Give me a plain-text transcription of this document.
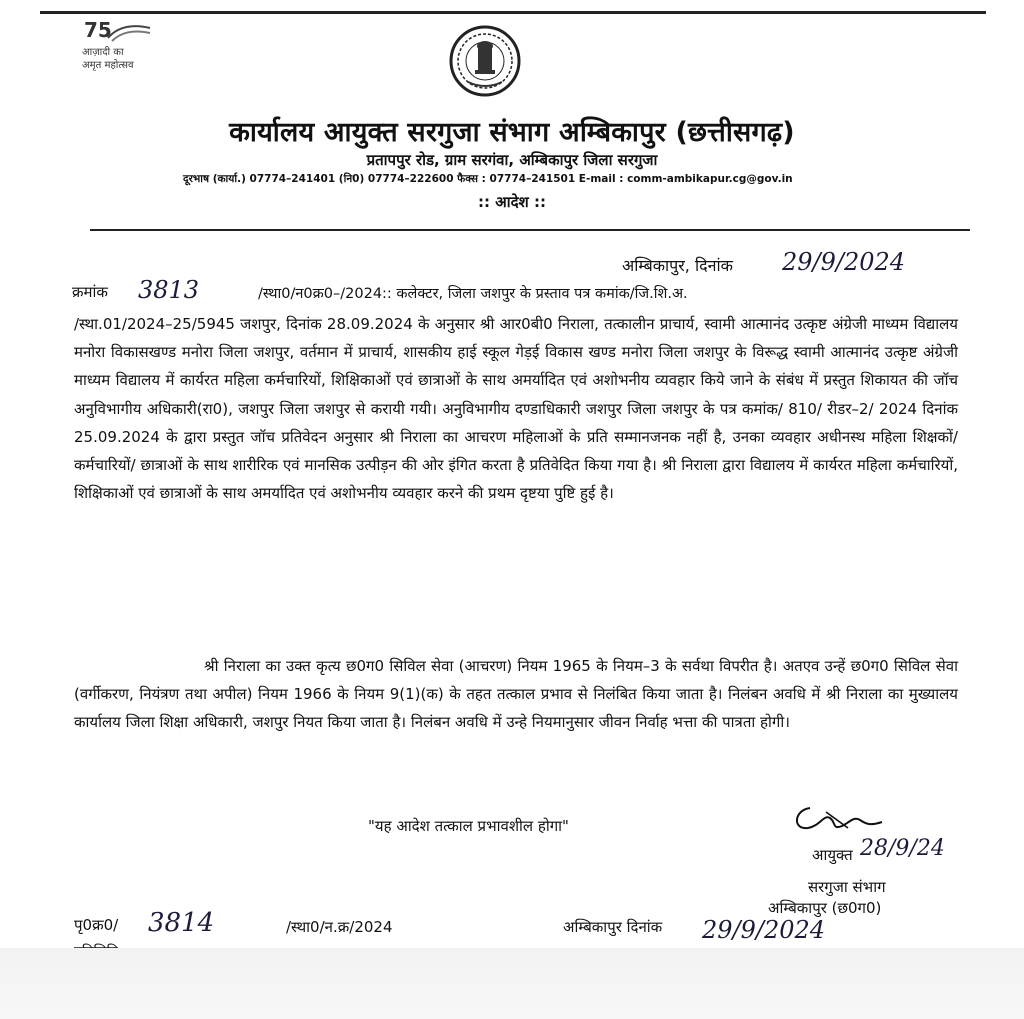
75
आज़ादी का
अमृत महोत्सव
कार्यालय आयुक्त सरगुजा संभाग अम्बिकापुर (छत्तीसगढ़)
प्रतापपुर रोड, ग्राम सरगंवा, अम्बिकापुर जिला सरगुजा
दूरभाष (कार्या.) 07774–241401 (नि0) 07774–222600 फैक्स : 07774–241501 E-mail : comm-ambikapur.cg@gov.in
:: आदेश ::
अम्बिकापुर, दिनांक 29/9/2024
क्रमांक 3813	/स्था0/न0क्र0–/2024:: कलेक्टर, जिला जशपुर के प्रस्ताव पत्र कमांक/जि.शि.अ.
/स्था.01/2024–25/5945 जशपुर, दिनांक 28.09.2024 के अनुसार श्री आर0बी0 निराला, तत्कालीन प्राचार्य, स्वामी आत्मानंद उत्कृष्ट अंग्रेजी माध्यम विद्यालय मनोरा विकासखण्ड मनोरा जिला जशपुर, वर्तमान में प्राचार्य, शासकीय हाई स्कूल गेड़ई विकास खण्ड मनोरा जिला जशपुर के विरूद्ध स्वामी आत्मानंद उत्कृष्ट अंग्रेजी माध्यम विद्यालय में कार्यरत महिला कर्मचारियों, शिक्षिकाओं एवं छात्राओं के साथ अमर्यादित एवं अशोभनीय व्यवहार किये जाने के संबंध में प्रस्तुत शिकायत की जॉच अनुविभागीय अधिकारी(रा0), जशपुर जिला जशपुर से करायी गयी। अनुविभागीय दण्डाधिकारी जशपुर जिला जशपुर के पत्र कमांक/ 810/ रीडर–2/ 2024 दिनांक 25.09.2024 के द्वारा प्रस्तुत जॉच प्रतिवेदन अनुसार श्री निराला का आचरण महिलाओं के प्रति सम्मानजनक नहीं है, उनका व्यवहार अधीनस्थ महिला शिक्षकों/ कर्मचारियों/ छात्राओं के साथ शारीरिक एवं मानसिक उत्पीड़न की ओर इंगित करता है प्रतिवेदित किया गया है। श्री निराला द्वारा विद्यालय में कार्यरत महिला कर्मचारियों, शिक्षिकाओं एवं छात्राओं के साथ अमर्यादित एवं अशोभनीय व्यवहार करने की प्रथम दृष्टया पुष्टि हुई है।
श्री निराला का उक्त कृत्य छ0ग0 सिविल सेवा (आचरण) नियम 1965 के नियम–3 के सर्वथा विपरीत है। अतएव उन्हें छ0ग0 सिविल सेवा (वर्गीकरण, नियंत्रण तथा अपील) नियम 1966 के नियम 9(1)(क) के तहत तत्काल प्रभाव से निलंबित किया जाता है। निलंबन अवधि में श्री निराला का मुख्यालय कार्यालय जिला शिक्षा अधिकारी, जशपुर नियत किया जाता है। निलंबन अवधि में उन्हे नियमानुसार जीवन निर्वाह भत्ता की पात्रता होगी।
"यह आदेश तत्काल प्रभावशील होगा"
28/9/24
आयुक्त
सरगुजा संभाग
अम्बिकापुर (छ0ग0)
पृ0क्र0/ 3814	/स्था0/न.क्र/2024	अम्बिकापुर दिनांक 29/9/2024
